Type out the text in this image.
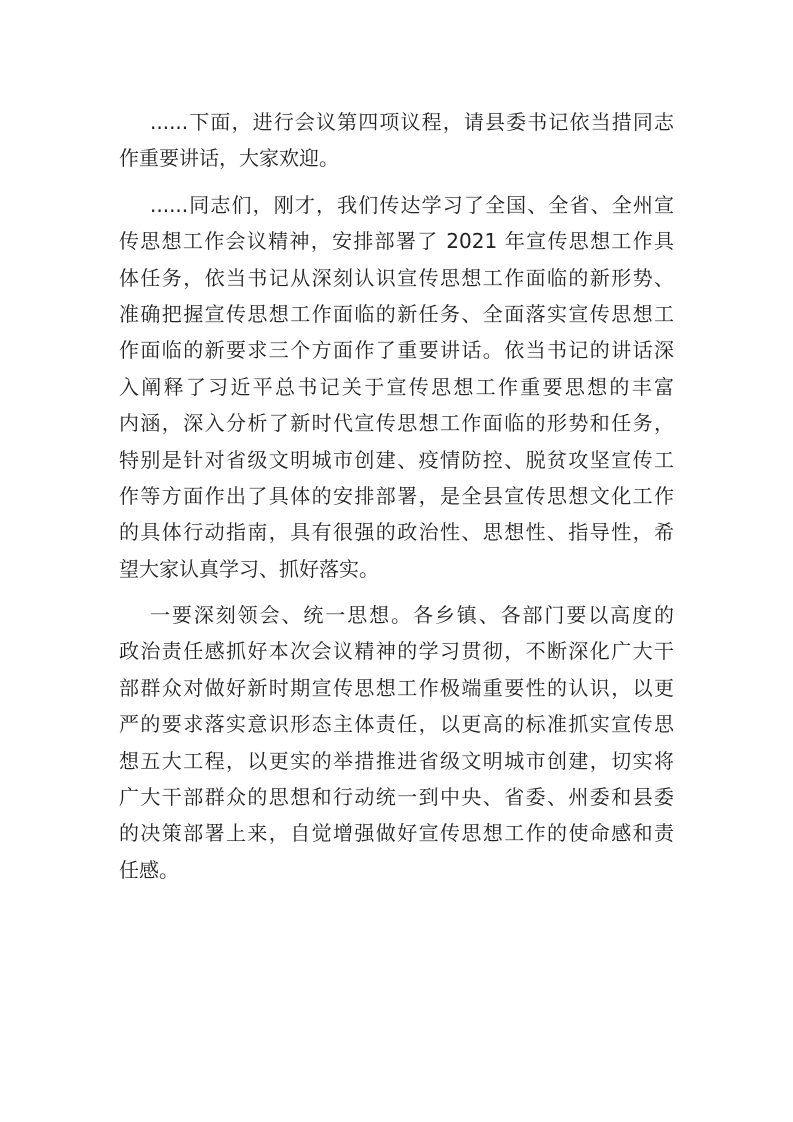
......下面，进行会议第四项议程，请县委书记依当措同志
作重要讲话，大家欢迎。
......同志们，刚才，我们传达学习了全国、全省、全州宣
传思想工作会议精神，安排部署了 2021 年宣传思想工作具
体任务，依当书记从深刻认识宣传思想工作面临的新形势、
准确把握宣传思想工作面临的新任务、全面落实宣传思想工
作面临的新要求三个方面作了重要讲话。依当书记的讲话深
入阐释了习近平总书记关于宣传思想工作重要思想的丰富
内涵，深入分析了新时代宣传思想工作面临的形势和任务，
特别是针对省级文明城市创建、疫情防控、脱贫攻坚宣传工
作等方面作出了具体的安排部署，是全县宣传思想文化工作
的具体行动指南，具有很强的政治性、思想性、指导性，希
望大家认真学习、抓好落实。
一要深刻领会、统一思想。各乡镇、各部门要以高度的
政治责任感抓好本次会议精神的学习贯彻，不断深化广大干
部群众对做好新时期宣传思想工作极端重要性的认识，以更
严的要求落实意识形态主体责任，以更高的标准抓实宣传思
想五大工程，以更实的举措推进省级文明城市创建，切实将
广大干部群众的思想和行动统一到中央、省委、州委和县委
的决策部署上来，自觉增强做好宣传思想工作的使命感和责
任感。
